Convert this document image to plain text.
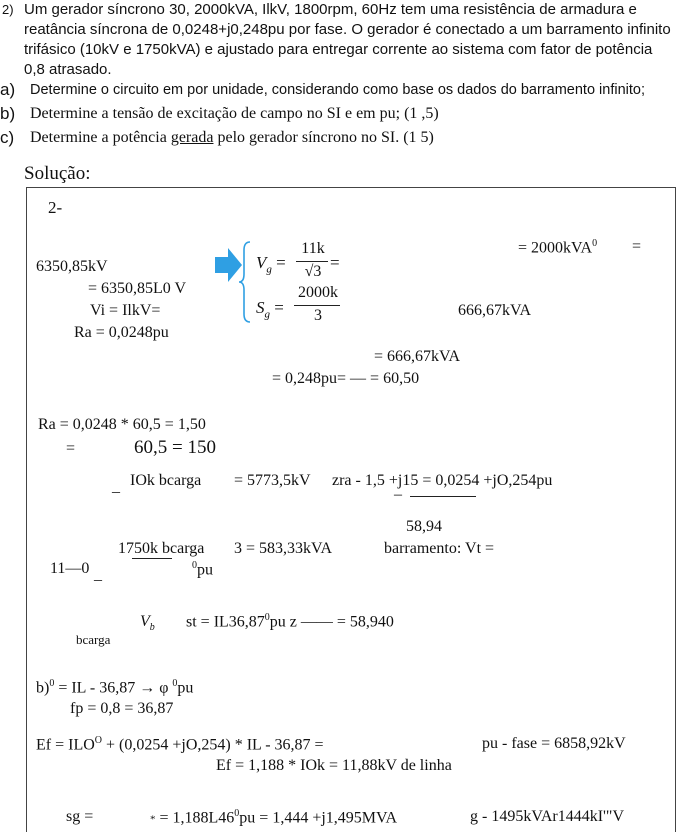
2) Um gerador síncrono 30, 2000kVA, IlkV, 1800rpm, 60Hz tem uma resistência de armadura e
reatância síncrona de 0,0248+j0,248pu por fase. O gerador é conectado a um barramento infinito
trifásico (10kV e 1750kVA) e ajustado para entregar corrente ao sistema com fator de potência
0,8 atrasado.
a) Determine o circuito em por unidade, considerando como base os dados do barramento infinito;
b) Determine a tensão de excitação de campo no SI e em pu; (1 ,5)
c) Determine a potência gerada pelo gerador síncrono no SI. (1 5)
Solução:
2-
$V_g$ =
11k
√3 =
$S_g$ =
2000k
3
= 2000kVA$^0$ =
6350,85kV
= 6350,85L0 V
Vi = IlkV=	666,67kVA
Ra = 0,0248pu
= 666,67kVA
= 0,248pu= — = 60,50
Ra = 0,0248 * 60,5 = 1,50
=	60,5 = 150
_ IOk bcarga = 5773,5kV zra - 1,5 +j15 = 0,0254 +jO,254pu
–
58,94
1750k bcarga 3 = 583,33kVA	barramento: Vt =
11—0 _
$^0$pu
$V_b$ st = $IL36,87^0pu$ z —— = 58,940
bcarga
b)$^0$ = IL - 36,87 → φ $^0$pu
fp = 0,8 = 36,87
$Ef = ILO^O + (0,0254 +jO,254)$ * IL - 36,87 =	pu - fase = 6858,92kV
Ef = 1,188 * IOk = 11,88kV de linha
sg =	* = $1,188L46^0pu = 1,444 +j1,495MVA$	g - 1495kVAr1444kI'"V
